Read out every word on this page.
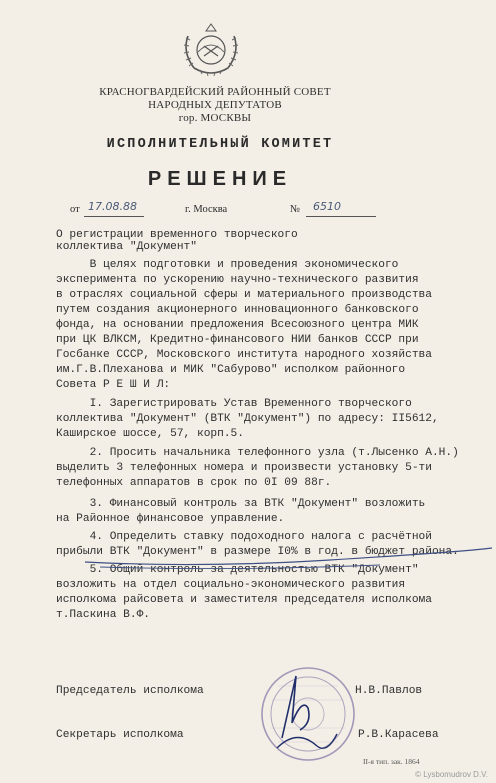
КРАСНОГВАРДЕЙСКИЙ РАЙОННЫЙ СОВЕТ
НАРОДНЫХ ДЕПУТАТОВ
гор. МОСКВЫ
ИСПОЛНИТЕЛЬНЫЙ КОМИТЕТ
РЕШЕНИЕ
от 17.08.88	г. Москва	№ 6510
О регистрации временного творческого
коллектива "Документ"
В целях подготовки и проведения экономического
эксперимента по ускорению научно-технического развития
в отраслях социальной сферы и материального производства
путем создания акционерного инновационного банковского
фонда, на основании предложения Всесоюзного центра МИК
при ЦК ВЛКСМ, Кредитно-финансового НИИ банков СССР при
Госбанке СССР, Московского института народного хозяйства
им.Г.В.Плеханова и МИК "Сабурово" исполком районного
Совета Р Е Ш И Л:
I. Зарегистрировать Устав Временного творческого
коллектива "Документ" (ВТК "Документ") по адресу: II5612,
Каширское шоссе, 57, корп.5.
2. Просить начальника телефонного узла (т.Лысенко А.Н.)
выделить 3 телефонных номера и произвести установку 5-ти
телефонных аппаратов в срок по 0I 09 88г.
3. Финансовый контроль за ВТК "Документ" возложить
на Районное финансовое управление.
4. Определить ставку подоходного налога с расчётной
прибыли ВТК "Документ" в размере I0% в год. в бюджет района.
5. Общий контроль за деятельностью ВТК "Документ"
возложить на отдел социально-экономического развития
исполкома райсовета и заместителя председателя исполкома
т.Паскина В.Ф.
Председатель исполкома	Н.В.Павлов
Секретарь исполкома	Р.В.Карасева
II-я тип. зак. 1864
© Lysbomudrov D.V.
